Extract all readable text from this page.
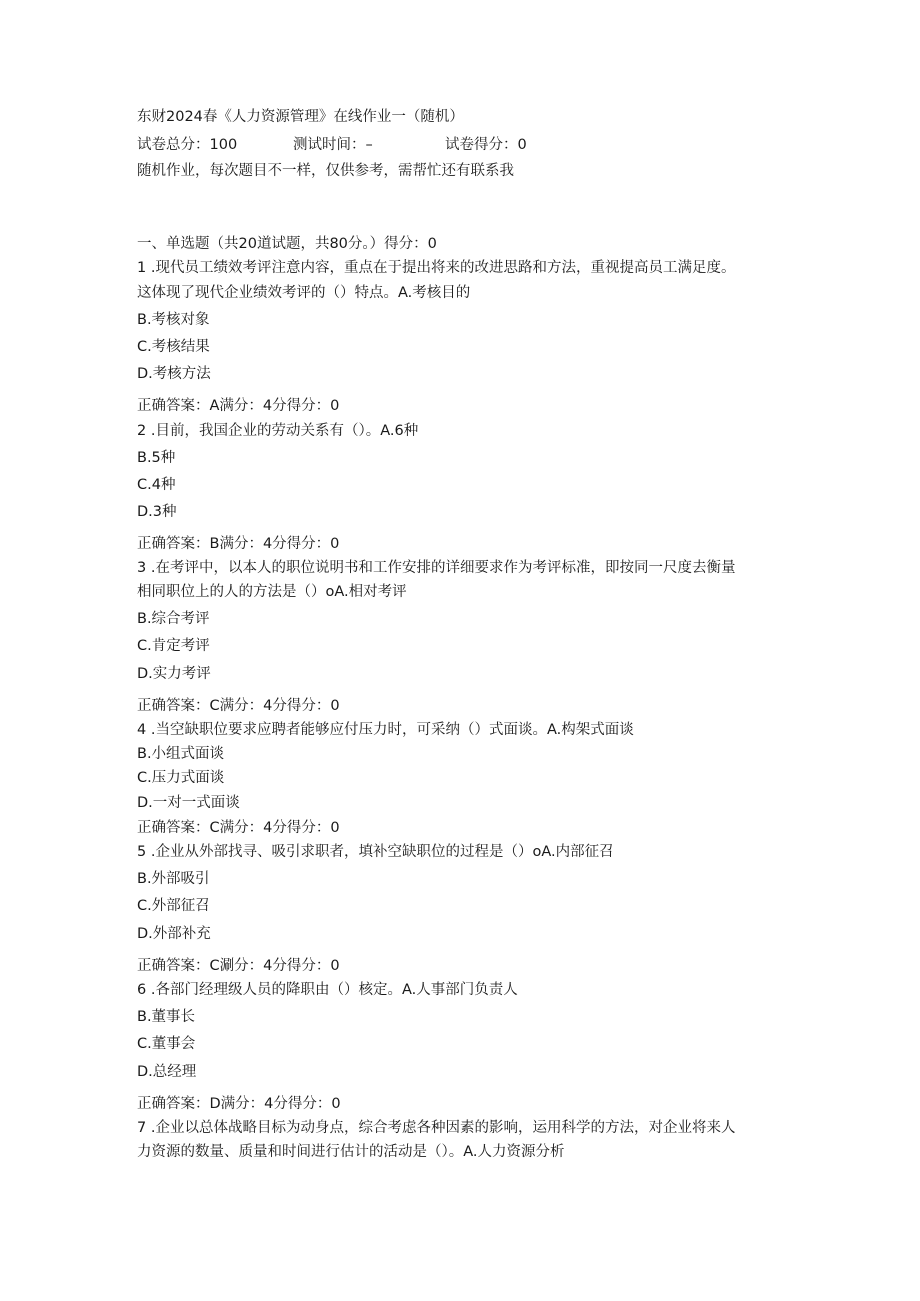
东财2024春《人力资源管理》在线作业一（随机）
试卷总分：100	测试时间：–	试卷得分：0
随机作业，每次题目不一样，仅供参考，需帮忙还有联系我
一、单选题（共20道试题，共80分。）得分：0
1 .现代员工绩效考评注意内容，重点在于提出将来的改进思路和方法，重视提高员工满足度。
这体现了现代企业绩效考评的（）特点。A.考核目的
B.考核对象
C.考核结果
D.考核方法
正确答案：A满分：4分得分：0
2 .目前，我国企业的劳动关系有（）。A.6种
B.5种
C.4种
D.3种
正确答案：B满分：4分得分：0
3 .在考评中，以本人的职位说明书和工作安排的详细要求作为考评标准，即按同一尺度去衡量
相同职位上的人的方法是（）oA.相对考评
B.综合考评
C.肯定考评
D.实力考评
正确答案：C满分：4分得分：0
4 .当空缺职位要求应聘者能够应付压力时，可采纳（）式面谈。A.构架式面谈
B.小组式面谈
C.压力式面谈
D.一对一式面谈
正确答案：C满分：4分得分：0
5 .企业从外部找寻、吸引求职者，填补空缺职位的过程是（）oA.内部征召
B.外部吸引
C.外部征召
D.外部补充
正确答案：C涮分：4分得分：0
6 .各部门经理级人员的降职由（）核定。A.人事部门负责人
B.董事长
C.董事会
D.总经理
正确答案：D满分：4分得分：0
7 .企业以总体战略目标为动身点，综合考虑各种因素的影响，运用科学的方法，对企业将来人
力资源的数量、质量和时间进行估计的活动是（）。A.人力资源分析
